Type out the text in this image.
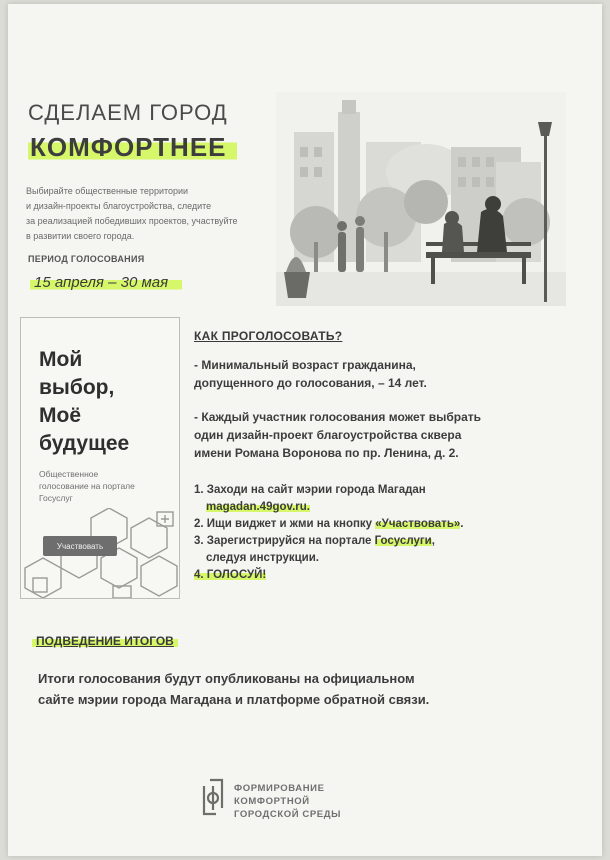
СДЕЛАЕМ ГОРОД
КОМФОРТНЕЕ
Выбирайте общественные территории
и дизайн-проекты благоустройства, следите
за реализацией победивших проектов, участвуйте
в развитии своего города.
ПЕРИОД ГОЛОСОВАНИЯ
15 апреля – 30 мая
Мой
выбор,
Моё
будущее
Общественное
голосование на портале
Госуслуг
Участвовать
КАК ПРОГОЛОСОВАТЬ?
- Минимальный возраст гражданина,
допущенного до голосования, – 14 лет.
- Каждый участник голосования может выбрать
один дизайн-проект благоустройства сквера
имени Романа Воронова по пр. Ленина, д. 2.
1. Заходи на сайт мэрии города Магадан
magadan.49gov.ru.
2. Ищи виджет и жми на кнопку «Участвовать».
3. Зарегистрируйся на портале Госуслуги,
следуя инструкции.
4. ГОЛОСУЙ!
ПОДВЕДЕНИЕ ИТОГОВ
Итоги голосования будут опубликованы на официальном
сайте мэрии города Магадана и платформе обратной связи.
ФОРМИРОВАНИЕ
КОМФОРТНОЙ
ГОРОДСКОЙ СРЕДЫ
